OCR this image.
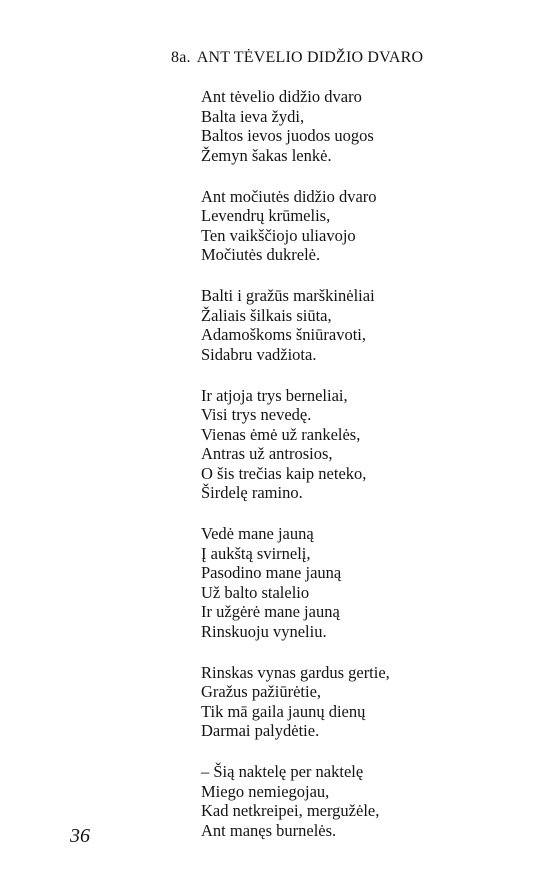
8a. ANT TĖVELIO DIDŽIO DVARO
Ant tėvelio didžio dvaro
Balta ieva žydi,
Baltos ievos juodos uogos
Žemyn šakas lenkė.
Ant močiutės didžio dvaro
Levendrų krūmelis,
Ten vaikščiojo uliavojo
Močiutės dukrelė.
Balti i gražūs marškinėliai
Žaliais šilkais siūta,
Adamoškoms šniūravoti,
Sidabru vadžiota.
Ir atjoja trys berneliai,
Visi trys nevedę.
Vienas ėmė už rankelės,
Antras už antrosios,
O šis trečias kaip neteko,
Širdelę ramino.
Vedė mane jauną
Į aukštą svirnelį,
Pasodino mane jauną
Už balto stalelio
Ir užgėrė mane jauną
Rinskuoju vyneliu.
Rinskas vynas gardus gertie,
Gražus pažiūrėtie,
Tik mā gaila jaunų dienų
Darmai palydėtie.
– Šią naktelę per naktelę
Miego nemiegojau,
Kad netkreipei, mergužėle,
Ant manęs burnelės.
36
